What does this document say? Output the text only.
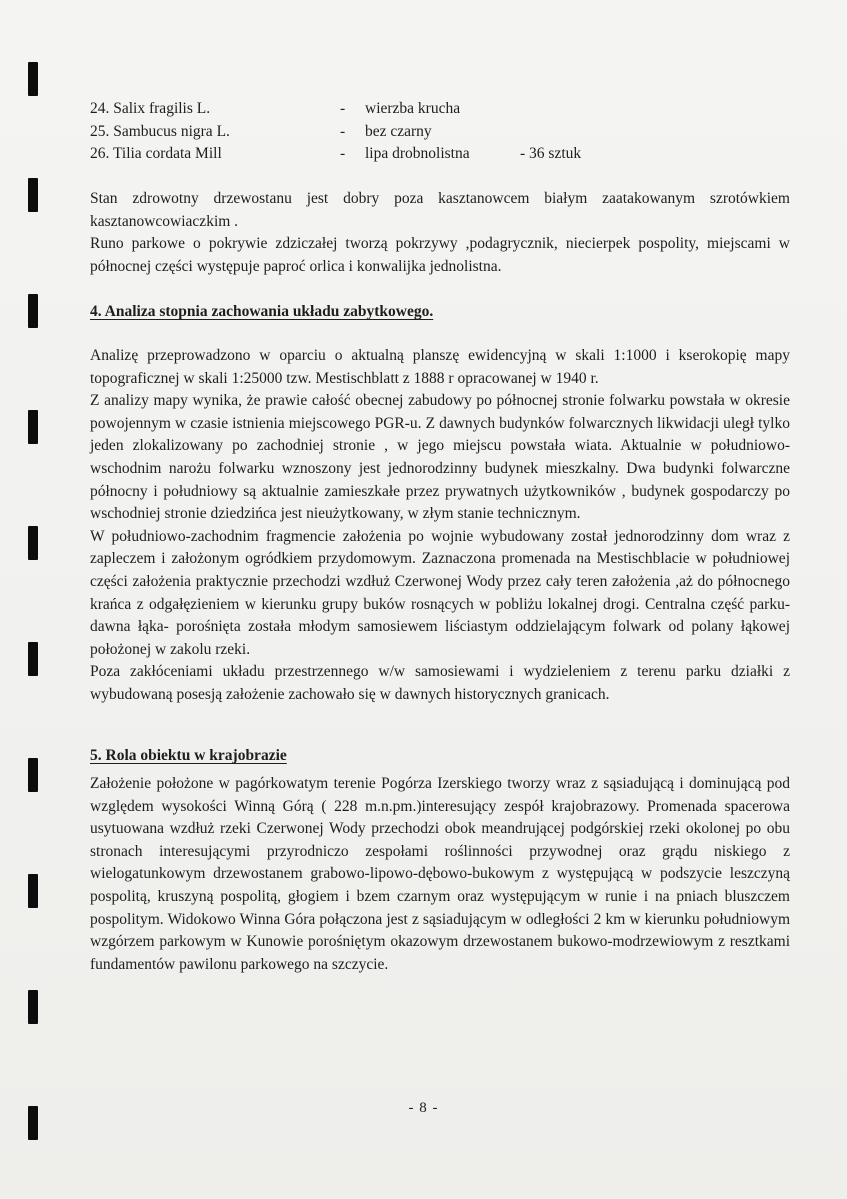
24. Salix fragilis L.	- wierzba krucha
25. Sambucus nigra L.	- bez czarny
26. Tilia cordata Mill	- lipa drobnolistna	- 36 sztuk

Stan zdrowotny drzewostanu jest dobry poza kasztanowcem białym zaatakowanym szrotówkiem kasztanowcowiaczkim .

Runo parkowe o pokrywie zdziczałej tworzą pokrzywy ,podagrycznik, niecierpek pospolity, miejscami w północnej części występuje paproć orlica i konwalijka jednolistna.

4. Analiza stopnia zachowania układu zabytkowego.

Analizę przeprowadzono w oparciu o aktualną planszę ewidencyjną w skali 1:1000 i kserokopię mapy topograficznej w skali 1:25000 tzw. Mestischblatt z 1888 r opracowanej w 1940 r.

Z analizy mapy wynika, że prawie całość obecnej zabudowy po północnej stronie folwarku powstała w okresie powojennym w czasie istnienia miejscowego PGR-u. Z dawnych budynków folwarcznych likwidacji uległ tylko jeden zlokalizowany po zachodniej stronie , w jego miejscu powstała wiata. Aktualnie w południowo-wschodnim narożu folwarku wznoszony jest jednorodzinny budynek mieszkalny. Dwa budynki folwarczne północny i południowy są aktualnie zamieszkałe przez prywatnych użytkowników , budynek gospodarczy po wschodniej stronie dziedzińca jest nieużytkowany, w złym stanie technicznym.

W południowo-zachodnim fragmencie założenia po wojnie wybudowany został jednorodzinny dom wraz z zapleczem i założonym ogródkiem przydomowym. Zaznaczona promenada na Mestischblacie w południowej części założenia praktycznie przechodzi wzdłuż Czerwonej Wody przez cały teren założenia ,aż do północnego krańca z odgałęzieniem w kierunku grupy buków rosnących w pobliżu lokalnej drogi. Centralna część parku- dawna łąka- porośnięta została młodym samosiewem liściastym oddzielającym folwark od polany łąkowej położonej w zakolu rzeki.

Poza zakłóceniami układu przestrzennego w/w samosiewami i wydzieleniem z terenu parku działki z wybudowaną posesją założenie zachowało się w dawnych historycznych granicach.

5. Rola obiektu w krajobrazie

Założenie położone w pagórkowatym terenie Pogórza Izerskiego tworzy wraz z sąsiadującą i dominującą pod względem wysokości Winną Górą ( 228 m.n.pm.)interesujący zespół krajobrazowy. Promenada spacerowa usytuowana wzdłuż rzeki Czerwonej Wody przechodzi obok meandrującej podgórskiej rzeki okolonej po obu stronach interesującymi przyrodniczo zespołami roślinności przywodnej oraz grądu niskiego z wielogatunkowym drzewostanem grabowo-lipowo-dębowo-bukowym z występującą w podszycie leszczyną pospolitą, kruszyną pospolitą, głogiem i bzem czarnym oraz występującym w runie i na pniach bluszczem pospolitym. Widokowo Winna Góra połączona jest z sąsiadującym w odległości 2 km w kierunku południowym wzgórzem parkowym w Kunowie porośniętym okazowym drzewostanem bukowo-modrzewiowym z resztkami fundamentów pawilonu parkowego na szczycie.

- 8 -
